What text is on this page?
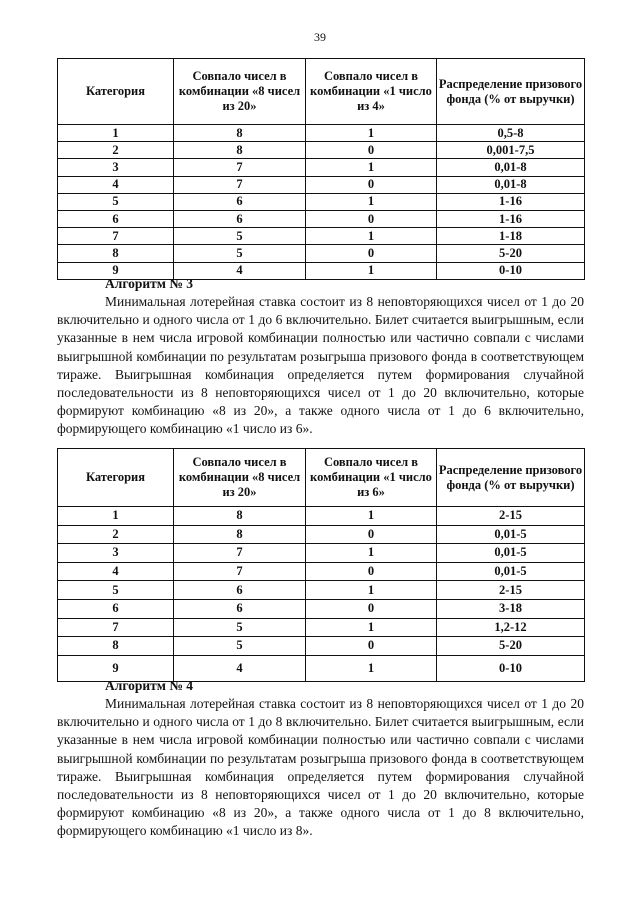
39
Категория	Совпало чисел в комбинации «8 чисел из 20»	Совпало чисел в комбинации «1 число из 4»	Распределение призового фонда (% от выручки)
1	8	1	0,5-8
2	8	0	0,001-7,5
3	7	1	0,01-8
4	7	0	0,01-8
5	6	1	1-16
6	6	0	1-16
7	5	1	1-18
8	5	0	5-20
9	4	1	0-10
Алгоритм № 3

Минимальная лотерейная ставка состоит из 8 неповторяющихся чисел от 1 до 20 включительно и одного числа от 1 до 6 включительно. Билет считается выигрышным, если указанные в нем числа игровой комбинации полностью или частично совпали с числами выигрышной комбинации по результатам розыгрыша призового фонда в соответствующем тираже. Выигрышная комбинация определяется путем формирования случайной последовательности из 8 неповторяющихся чисел от 1 до 20 включительно, которые формируют комбинацию «8 из 20», а также одного числа от 1 до 6 включительно, формирующего комбинацию «1 число из 6».

Категория	Совпало чисел в комбинации «8 чисел из 20»	Совпало чисел в комбинации «1 число из 6»	Распределение призового фонда (% от выручки)
1	8	1	2-15
2	8	0	0,01-5
3	7	1	0,01-5
4	7	0	0,01-5
5	6	1	2-15
6	6	0	3-18
7	5	1	1,2-12
8	5	0	5-20
9	4	1	0-10
Алгоритм № 4

Минимальная лотерейная ставка состоит из 8 неповторяющихся чисел от 1 до 20 включительно и одного числа от 1 до 8 включительно. Билет считается выигрышным, если указанные в нем числа игровой комбинации полностью или частично совпали с числами выигрышной комбинации по результатам розыгрыша призового фонда в соответствующем тираже. Выигрышная комбинация определяется путем формирования случайной последовательности из 8 неповторяющихся чисел от 1 до 20 включительно, которые формируют комбинацию «8 из 20», а также одного числа от 1 до 8 включительно, формирующего комбинацию «1 число из 8».
